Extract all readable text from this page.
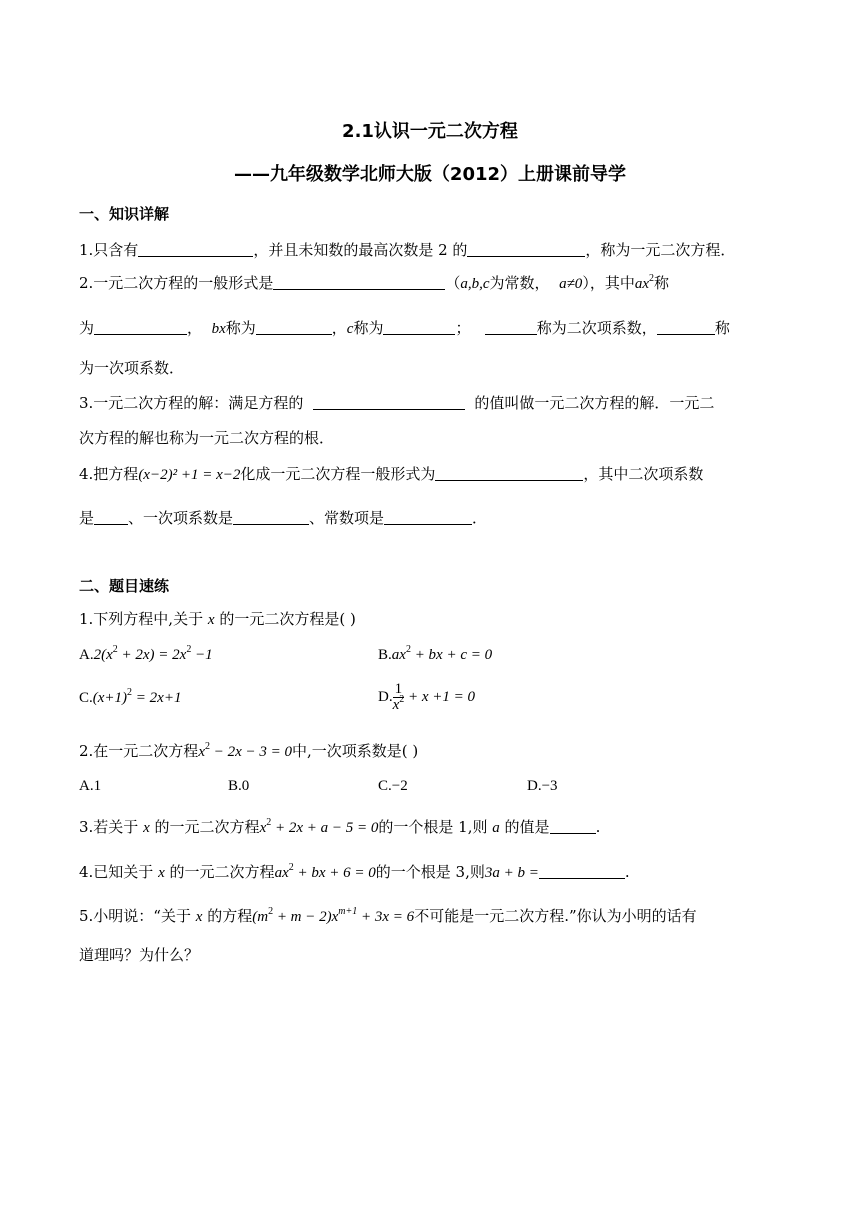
2.1认识一元二次方程
——九年级数学北师大版（2012）上册课前导学
一、知识详解
1.只含有	，并且未知数的最高次数是 2 的	，称为一元二次方程．
2.一元二次方程的一般形式是	（a,b,c为常数， a≠0），其中$ax^2$称
为	， bx称为	，c称为	；	称为二次项系数，	称
为一次项系数．
3.一元二次方程的解：满足方程的	的值叫做一元二次方程的解．一元二
次方程的解也称为一元二次方程的根．
4.把方程(x−2)² +1 = x−2化成一元二次方程一般形式为	，其中二次项系数
是 、一次项系数是	、常数项是	．
二、题目速练
1.下列方程中,关于 x 的一元二次方程是( )
$A.2(x^2 + 2x) = 2x^2 -1$	$B.ax^2$ + bx + c = 0
$C.(x+1)^2 = 2x+1$	D. $\frac{1}{x^2} + x +1 = 0$
2.在一元二次方程$x^2 - 2x - 3 = 0$中,一次项系数是( )
A.1	B.0	C.−2	D.−3
3.若关于 x 的一元二次方程$x^2 + 2x + a - 5 = 0$的一个根是 1,则 a 的值是	.
4.已知关于 x 的一元二次方程$ax^2$ + bx + 6 = 0的一个根是 3,则3a + b =	.
5.小明说：“关于 x 的方程$(m^2 + m - 2)x^{m+1} + 3x = 6$不可能是一元二次方程.”你认为小明的话有
道理吗？为什么？
